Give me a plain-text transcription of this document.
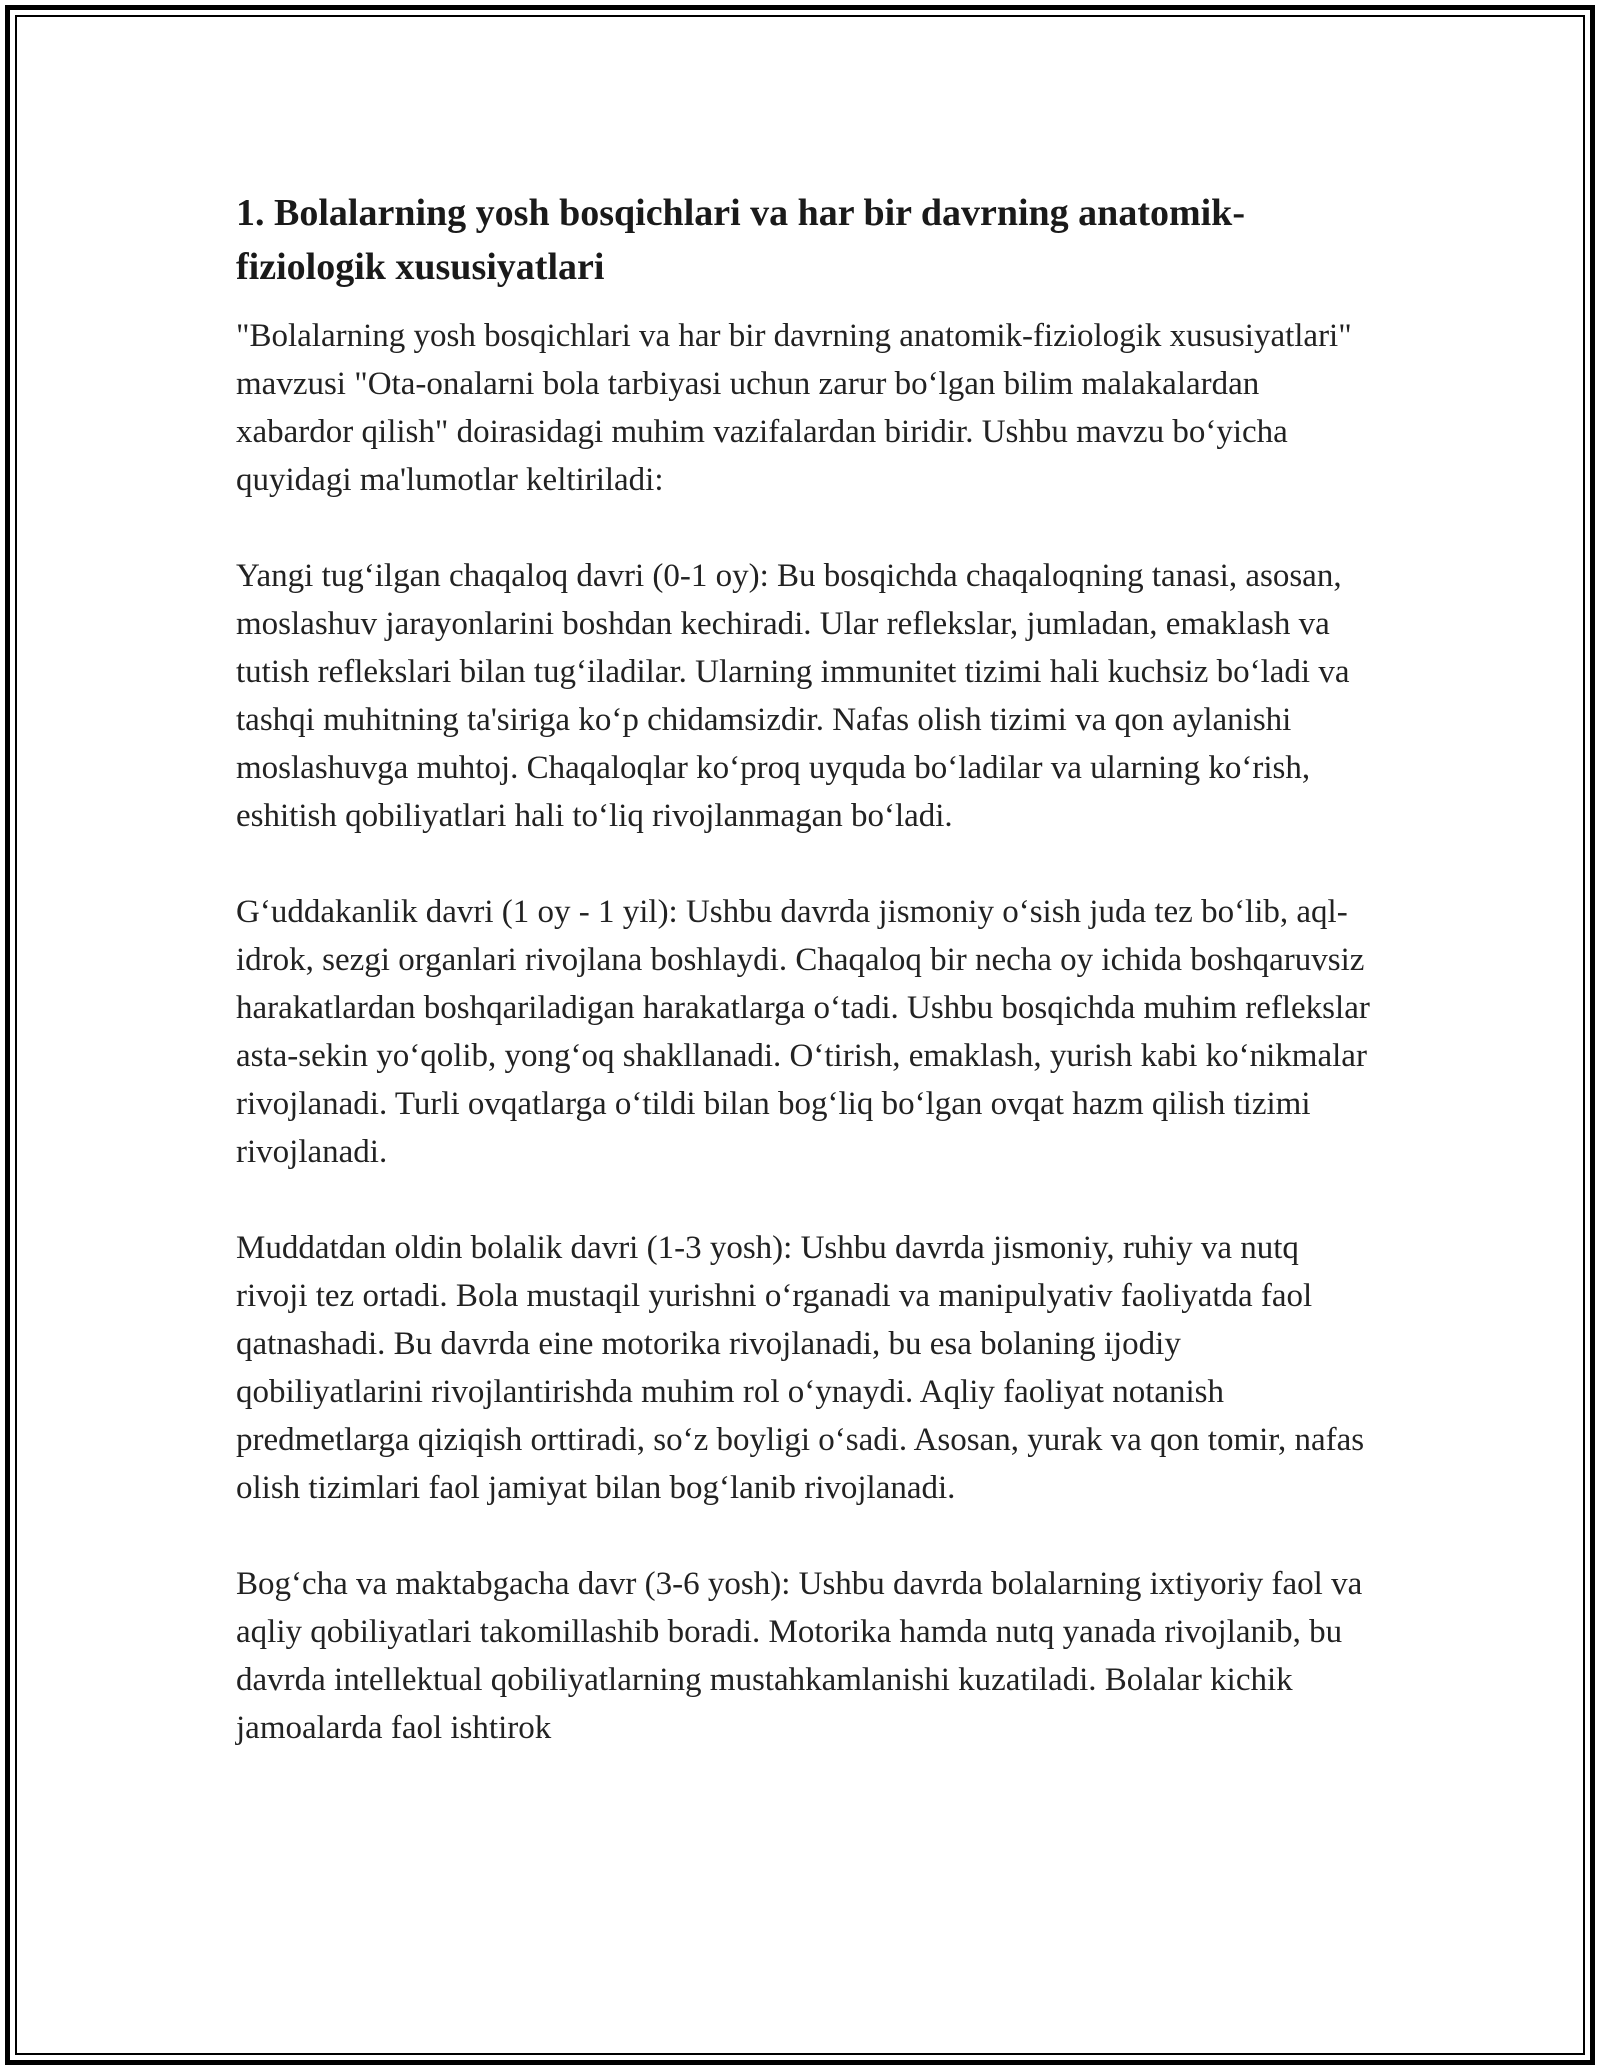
1. Bolalarning yosh bosqichlari va har bir davrning anatomik-fiziologik xususiyatlari

"Bolalarning yosh bosqichlari va har bir davrning anatomik-fiziologik xususiyatlari" mavzusi "Ota-onalarni bola tarbiyasi uchun zarur bo‘lgan bilim malakalardan xabardor qilish" doirasidagi muhim vazifalardan biridir. Ushbu mavzu bo‘yicha quyidagi ma'lumotlar keltiriladi:

Yangi tug‘ilgan chaqaloq davri (0-1 oy): Bu bosqichda chaqaloqning tanasi, asosan, moslashuv jarayonlarini boshdan kechiradi. Ular reflekslar, jumladan, emaklash va tutish reflekslari bilan tug‘iladilar. Ularning immunitet tizimi hali kuchsiz bo‘ladi va tashqi muhitning ta'siriga ko‘p chidamsizdir. Nafas olish tizimi va qon aylanishi moslashuvga muhtoj. Chaqaloqlar ko‘proq uyquda bo‘ladilar va ularning ko‘rish, eshitish qobiliyatlari hali to‘liq rivojlanmagan bo‘ladi.

G‘uddakanlik davri (1 oy - 1 yil): Ushbu davrda jismoniy o‘sish juda tez bo‘lib, aql-idrok, sezgi organlari rivojlana boshlaydi. Chaqaloq bir necha oy ichida boshqaruvsiz harakatlardan boshqariladigan harakatlarga o‘tadi. Ushbu bosqichda muhim reflekslar asta-sekin yo‘qolib, yong‘oq shakllanadi. O‘tirish, emaklash, yurish kabi ko‘nikmalar rivojlanadi. Turli ovqatlarga o‘tildi bilan bog‘liq bo‘lgan ovqat hazm qilish tizimi rivojlanadi.

Muddatdan oldin bolalik davri (1-3 yosh): Ushbu davrda jismoniy, ruhiy va nutq rivoji tez ortadi. Bola mustaqil yurishni o‘rganadi va manipulyativ faoliyatda faol qatnashadi. Bu davrda eine motorika rivojlanadi, bu esa bolaning ijodiy qobiliyatlarini rivojlantirishda muhim rol o‘ynaydi. Aqliy faoliyat notanish predmetlarga qiziqish orttiradi, so‘z boyligi o‘sadi. Asosan, yurak va qon tomir, nafas olish tizimlari faol jamiyat bilan bog‘lanib rivojlanadi.

Bog‘cha va maktabgacha davr (3-6 yosh): Ushbu davrda bolalarning ixtiyoriy faol va aqliy qobiliyatlari takomillashib boradi. Motorika hamda nutq yanada rivojlanib, bu davrda intellektual qobiliyatlarning mustahkamlanishi kuzatiladi. Bolalar kichik jamoalarda faol ishtirok
